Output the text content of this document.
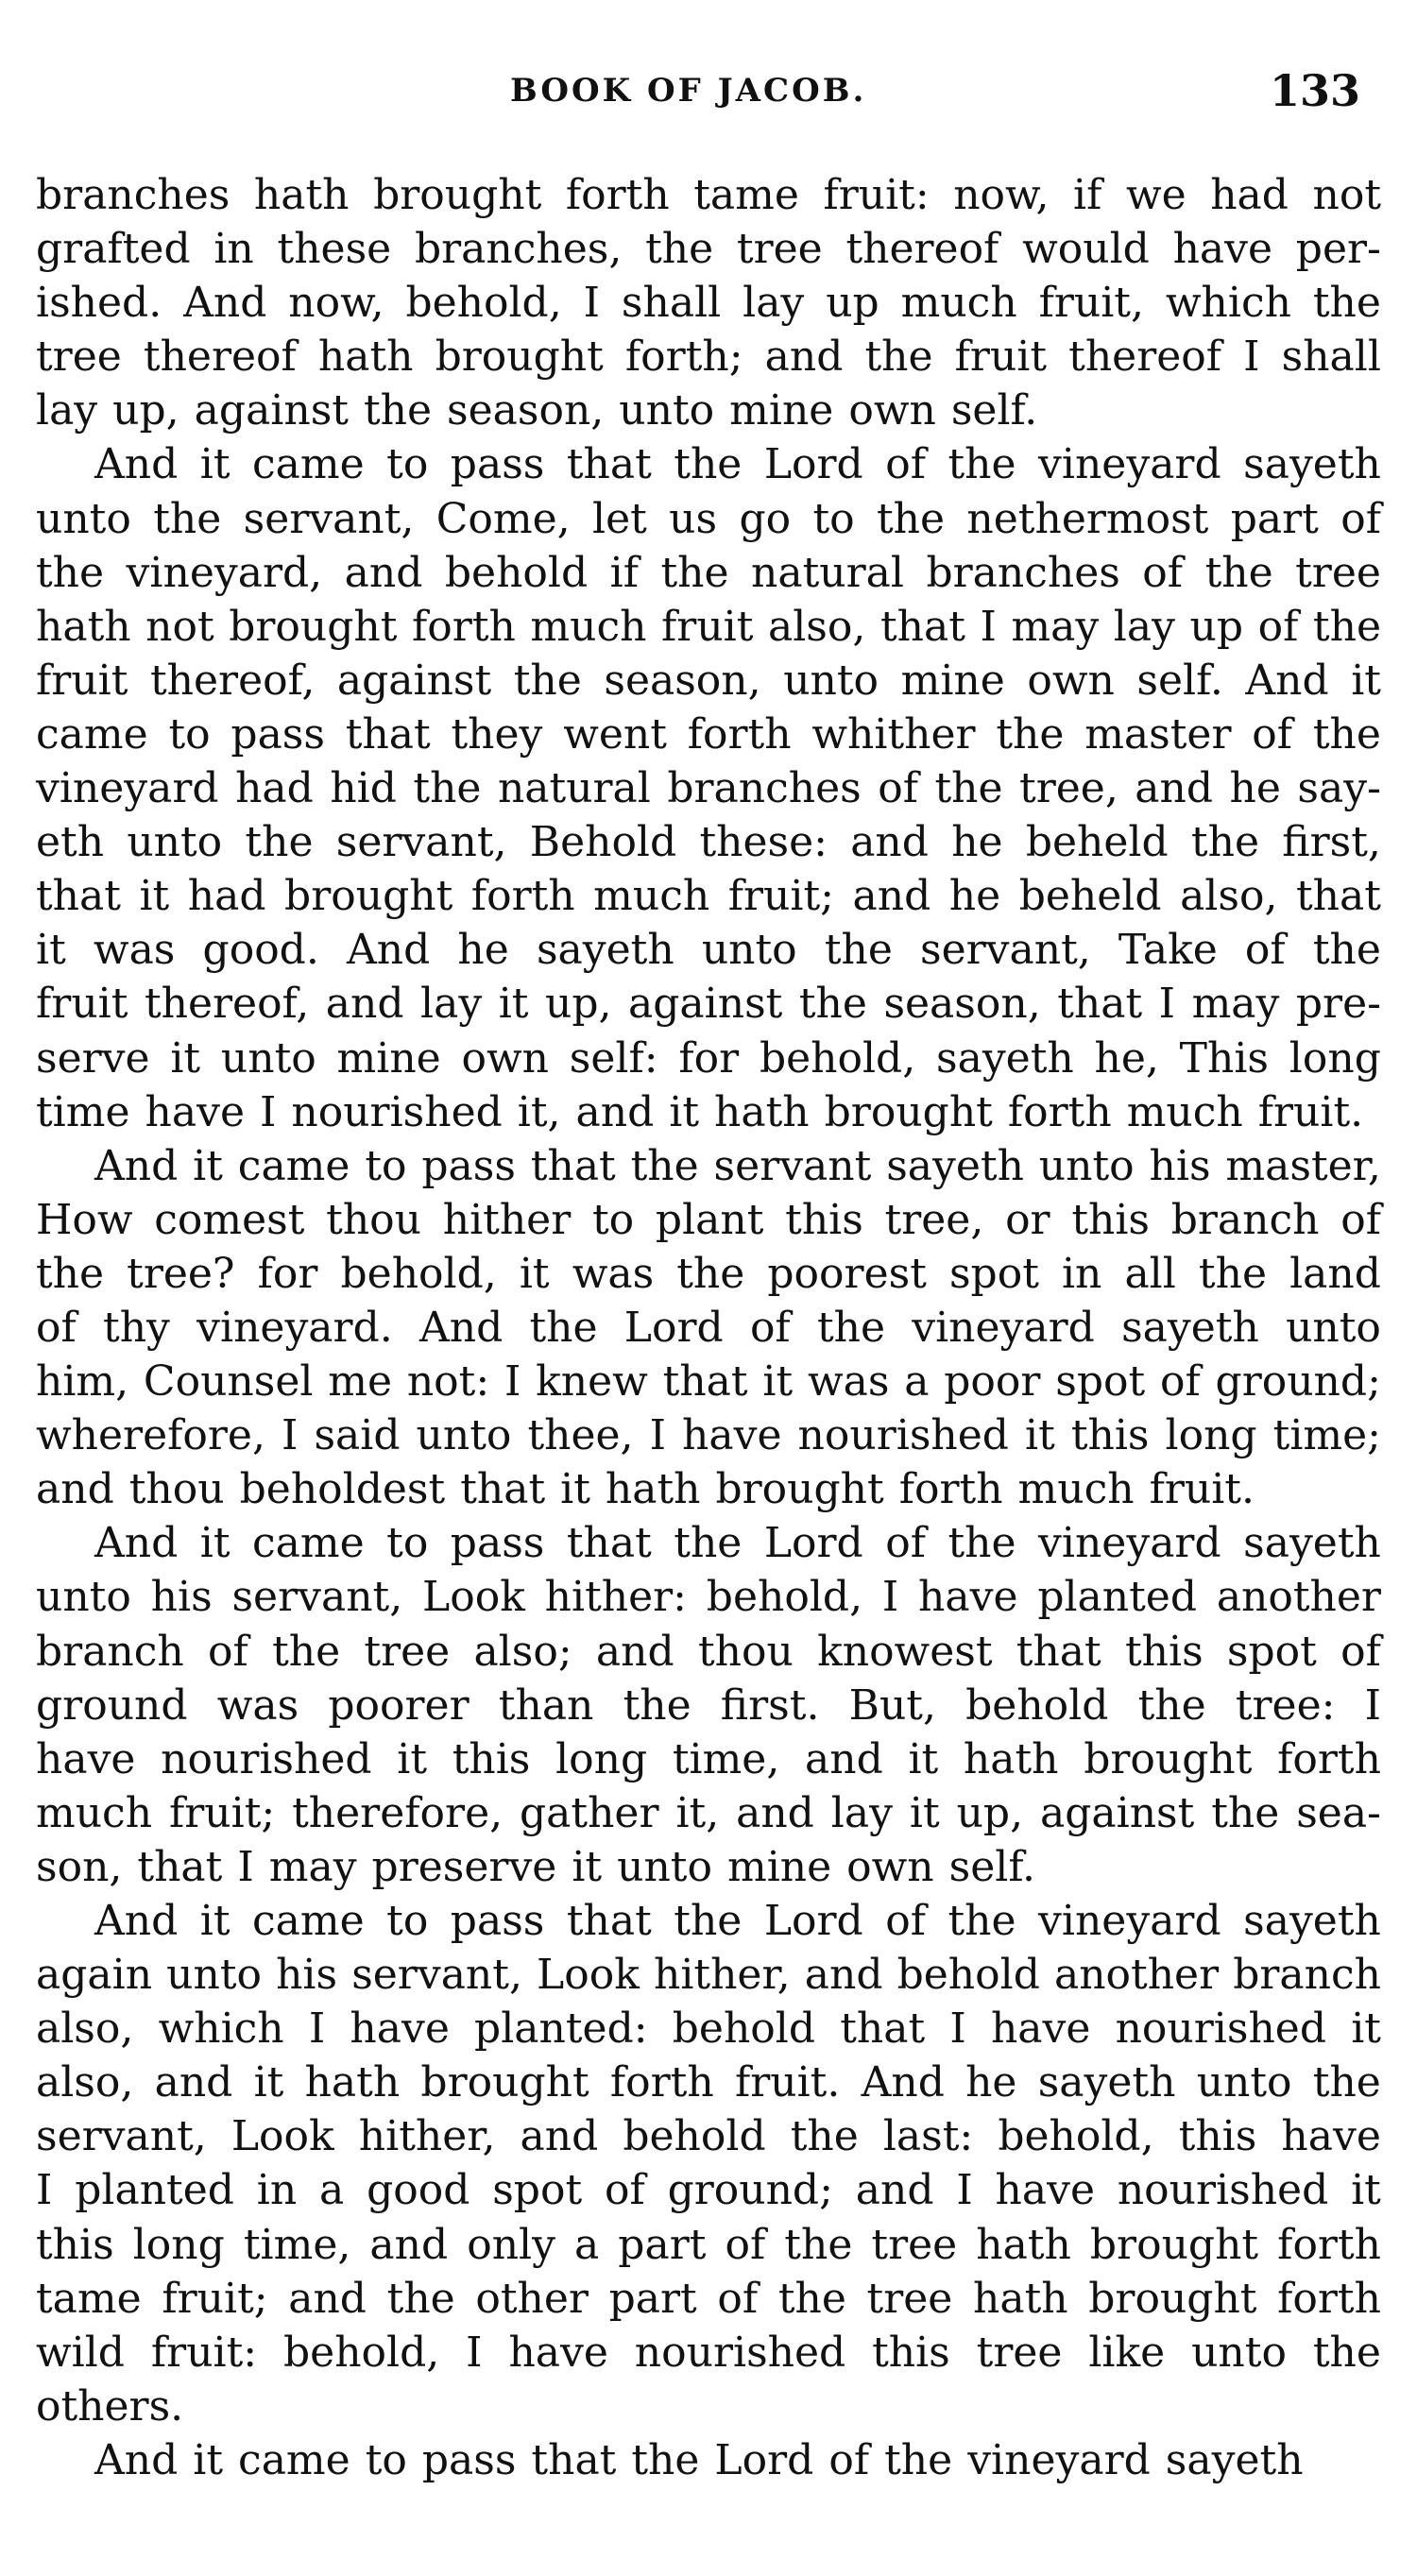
BOOK OF JACOB.	133
branches hath brought forth tame fruit: now, if we had not
grafted in these branches, the tree thereof would have per-
ished. And now, behold, I shall lay up much fruit, which the
tree thereof hath brought forth; and the fruit thereof I shall
lay up, against the season, unto mine own self.
And it came to pass that the Lord of the vineyard sayeth
unto the servant, Come, let us go to the nethermost part of
the vineyard, and behold if the natural branches of the tree
hath not brought forth much fruit also, that I may lay up of the
fruit thereof, against the season, unto mine own self. And it
came to pass that they went forth whither the master of the
vineyard had hid the natural branches of the tree, and he say-
eth unto the servant, Behold these: and he beheld the first,
that it had brought forth much fruit; and he beheld also, that
it was good. And he sayeth unto the servant, Take of the
fruit thereof, and lay it up, against the season, that I may pre-
serve it unto mine own self: for behold, sayeth he, This long
time have I nourished it, and it hath brought forth much fruit.
And it came to pass that the servant sayeth unto his master,
How comest thou hither to plant this tree, or this branch of
the tree? for behold, it was the poorest spot in all the land
of thy vineyard. And the Lord of the vineyard sayeth unto
him, Counsel me not: I knew that it was a poor spot of ground;
wherefore, I said unto thee, I have nourished it this long time;
and thou beholdest that it hath brought forth much fruit.
And it came to pass that the Lord of the vineyard sayeth
unto his servant, Look hither: behold, I have planted another
branch of the tree also; and thou knowest that this spot of
ground was poorer than the first. But, behold the tree: I
have nourished it this long time, and it hath brought forth
much fruit; therefore, gather it, and lay it up, against the sea-
son, that I may preserve it unto mine own self.
And it came to pass that the Lord of the vineyard sayeth
again unto his servant, Look hither, and behold another branch
also, which I have planted: behold that I have nourished it
also, and it hath brought forth fruit. And he sayeth unto the
servant, Look hither, and behold the last: behold, this have
I planted in a good spot of ground; and I have nourished it
this long time, and only a part of the tree hath brought forth
tame fruit; and the other part of the tree hath brought forth
wild fruit: behold, I have nourished this tree like unto the
others.
And it came to pass that the Lord of the vineyard sayeth
